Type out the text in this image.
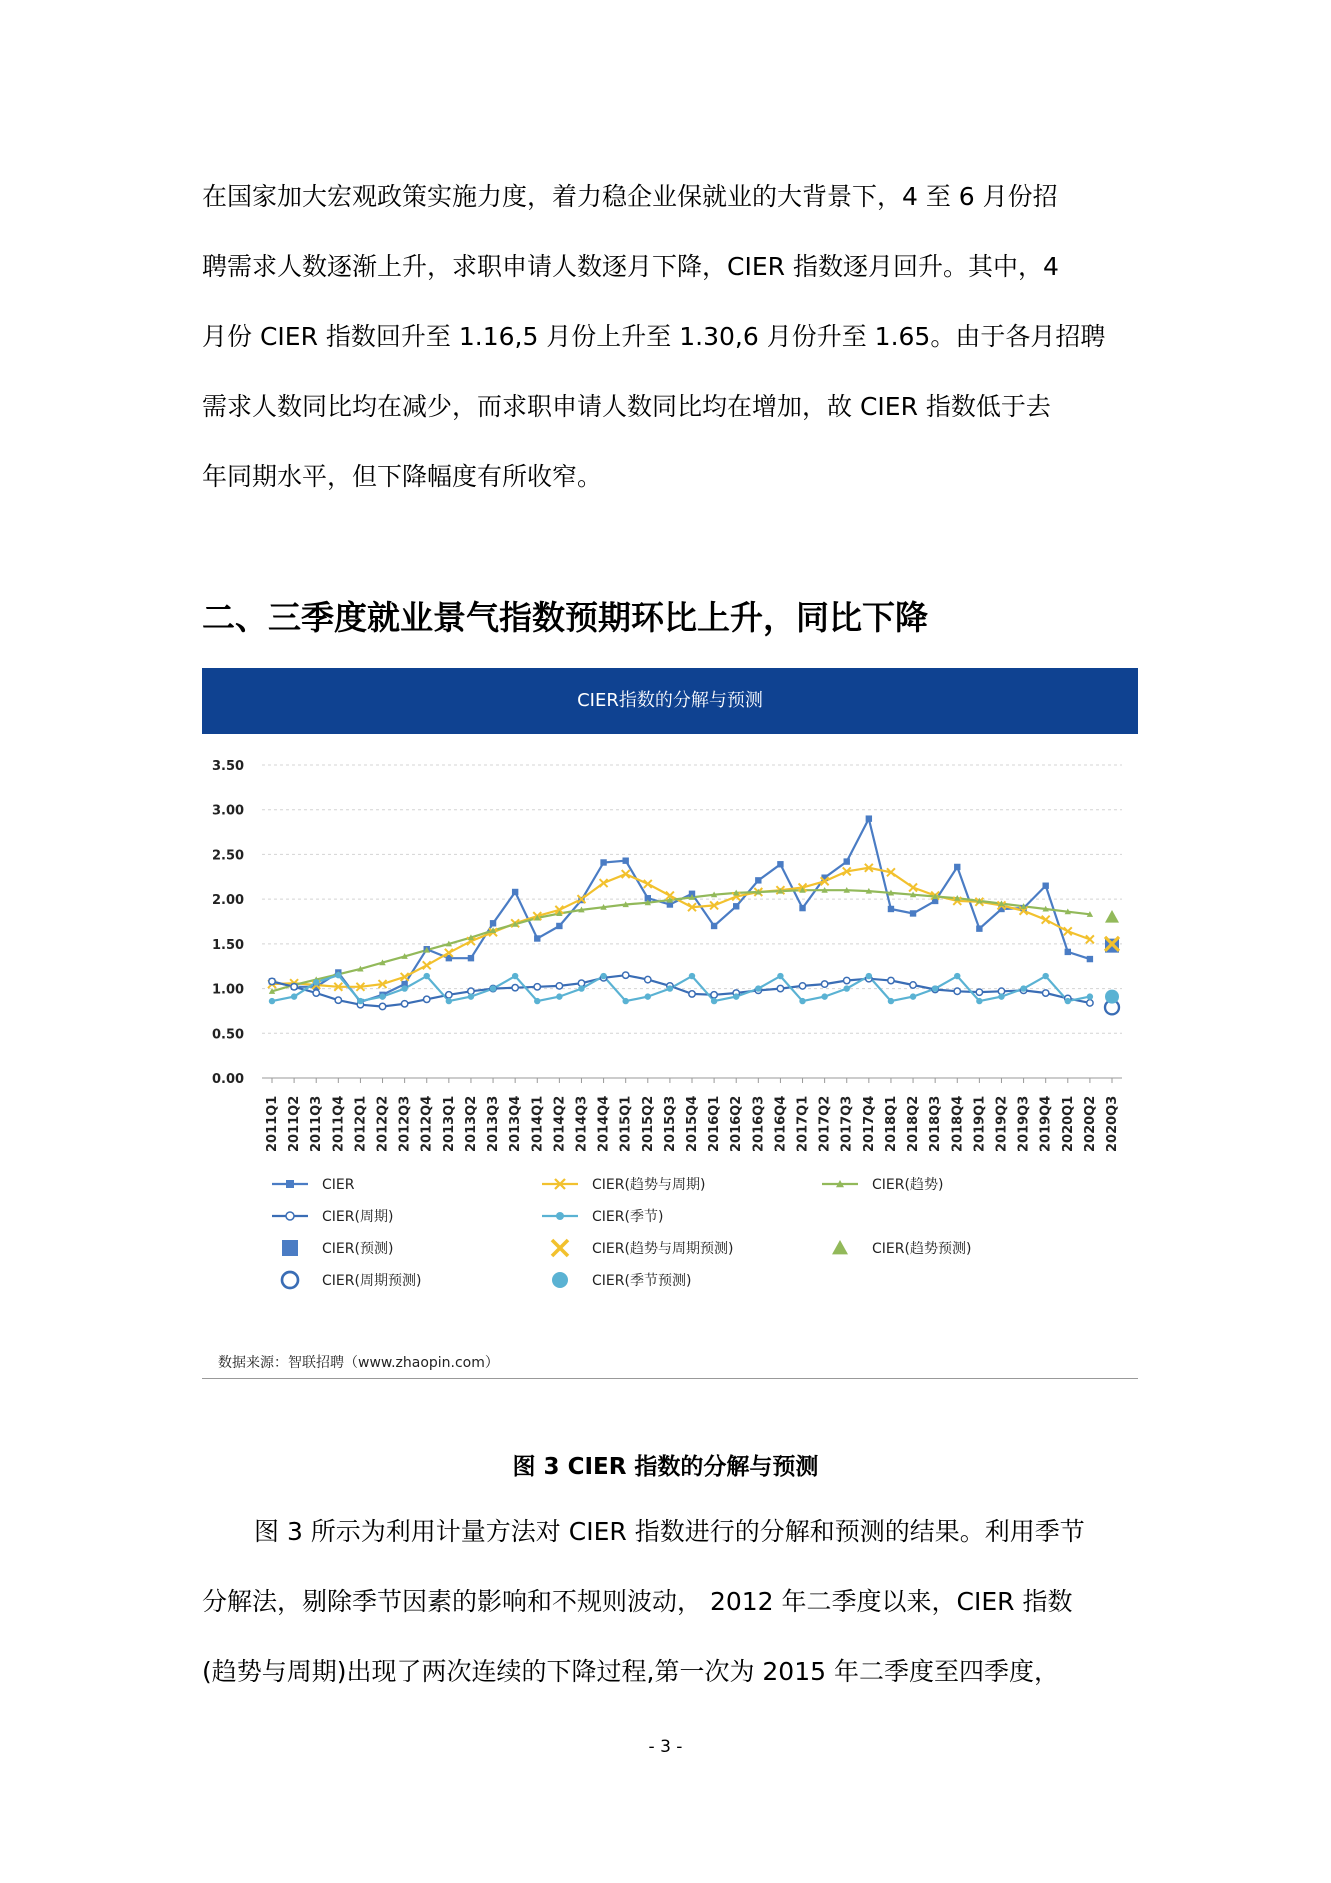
在国家加大宏观政策实施力度，着力稳企业保就业的大背景下，4 至 6 月份招
聘需求人数逐渐上升，求职申请人数逐月下降，CIER 指数逐月回升。其中，4
月份 CIER 指数回升至 1.16,5 月份上升至 1.30,6 月份升至 1.65。由于各月招聘
需求人数同比均在减少，而求职申请人数同比均在增加，故 CIER 指数低于去
年同期水平，但下降幅度有所收窄。
二、三季度就业景气指数预期环比上升，同比下降
CIER指数的分解与预测
3.50
3.00
2.50
2.00
1.50
1.00
0.50
0.00
2011Q1 2011Q2 2011Q3 2011Q4 2012Q1 2012Q2 2012Q3 2012Q4 2013Q1 2013Q2 2013Q3 2013Q4 2014Q1 2014Q2 2014Q3 2014Q4 2015Q1 2015Q2 2015Q3 2015Q4 2016Q1 2016Q2 2016Q3 2016Q4 2017Q1 2017Q2 2017Q3 2017Q4 2018Q1 2018Q2 2018Q3 2018Q4 2019Q1 2019Q2 2019Q3 2019Q4 2020Q1 2020Q2 2020Q3
CIER	CIER(趋势与周期)	CIER(趋势)
CIER(周期)	CIER(季节)
CIER(预测)	CIER(趋势与周期预测)	CIER(趋势预测)
CIER(周期预测)	CIER(季节预测)
数据来源：智联招聘（www.zhaopin.com）
图 3 CIER 指数的分解与预测
图 3 所示为利用计量方法对 CIER 指数进行的分解和预测的结果。利用季节
分解法，剔除季节因素的影响和不规则波动， 2012 年二季度以来，CIER 指数
(趋势与周期)出现了两次连续的下降过程,第一次为 2015 年二季度至四季度，
- 3 -
